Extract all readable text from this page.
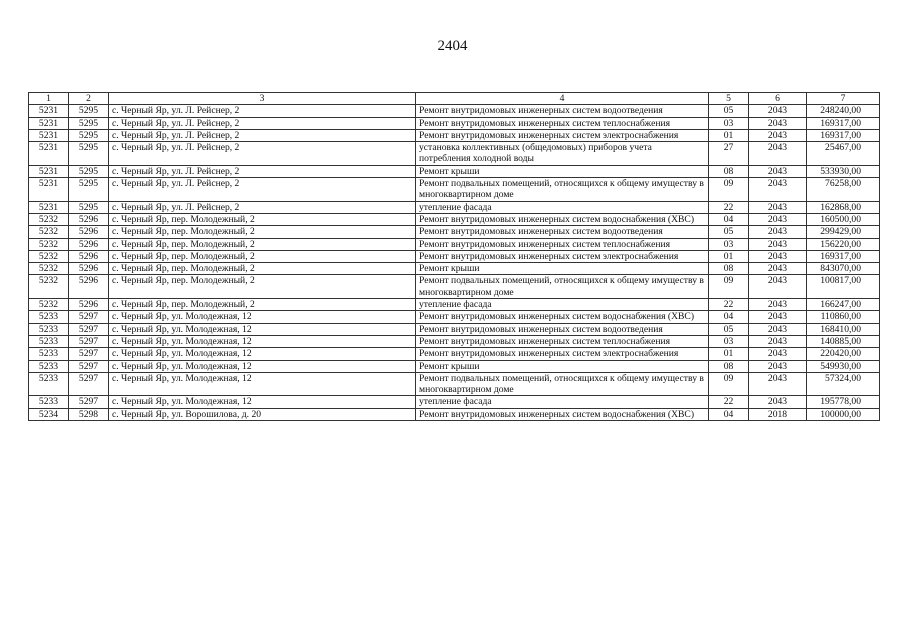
2404
1	2	3	4	5	6	7
5231	5295	с. Черный Яр, ул. Л. Рейснер, 2	Ремонт внутридомовых инженерных систем водоотведения	05	2043	248240,00
5231	5295	с. Черный Яр, ул. Л. Рейснер, 2	Ремонт внутридомовых инженерных систем теплоснабжения	03	2043	169317,00
5231	5295	с. Черный Яр, ул. Л. Рейснер, 2	Ремонт внутридомовых инженерных систем электроснабжения	01	2043	169317,00
5231	5295	с. Черный Яр, ул. Л. Рейснер, 2	установка коллективных (общедомовых) приборов учета потребления холодной воды	27	2043	25467,00
5231	5295	с. Черный Яр, ул. Л. Рейснер, 2	Ремонт крыши	08	2043	533930,00
5231	5295	с. Черный Яр, ул. Л. Рейснер, 2	Ремонт подвальных помещений, относящихся к общему имуществу в многоквартирном доме	09	2043	76258,00
5231	5295	с. Черный Яр, ул. Л. Рейснер, 2	утепление фасада	22	2043	162868,00
5232	5296	с. Черный Яр, пер. Молодежный, 2	Ремонт внутридомовых инженерных систем водоснабжения (ХВС)	04	2043	160500,00
5232	5296	с. Черный Яр, пер. Молодежный, 2	Ремонт внутридомовых инженерных систем водоотведения	05	2043	299429,00
5232	5296	с. Черный Яр, пер. Молодежный, 2	Ремонт внутридомовых инженерных систем теплоснабжения	03	2043	156220,00
5232	5296	с. Черный Яр, пер. Молодежный, 2	Ремонт внутридомовых инженерных систем электроснабжения	01	2043	169317,00
5232	5296	с. Черный Яр, пер. Молодежный, 2	Ремонт крыши	08	2043	843070,00
5232	5296	с. Черный Яр, пер. Молодежный, 2	Ремонт подвальных помещений, относящихся к общему имуществу в многоквартирном доме	09	2043	100817,00
5232	5296	с. Черный Яр, пер. Молодежный, 2	утепление фасада	22	2043	166247,00
5233	5297	с. Черный Яр, ул. Молодежная, 12	Ремонт внутридомовых инженерных систем водоснабжения (ХВС)	04	2043	110860,00
5233	5297	с. Черный Яр, ул. Молодежная, 12	Ремонт внутридомовых инженерных систем водоотведения	05	2043	168410,00
5233	5297	с. Черный Яр, ул. Молодежная, 12	Ремонт внутридомовых инженерных систем теплоснабжения	03	2043	140885,00
5233	5297	с. Черный Яр, ул. Молодежная, 12	Ремонт внутридомовых инженерных систем электроснабжения	01	2043	220420,00
5233	5297	с. Черный Яр, ул. Молодежная, 12	Ремонт крыши	08	2043	549930,00
5233	5297	с. Черный Яр, ул. Молодежная, 12	Ремонт подвальных помещений, относящихся к общему имуществу в многоквартирном доме	09	2043	57324,00
5233	5297	с. Черный Яр, ул. Молодежная, 12	утепление фасада	22	2043	195778,00
5234	5298	с. Черный Яр, ул. Ворошилова, д. 20	Ремонт внутридомовых инженерных систем водоснабжения (ХВС)	04	2018	100000,00
